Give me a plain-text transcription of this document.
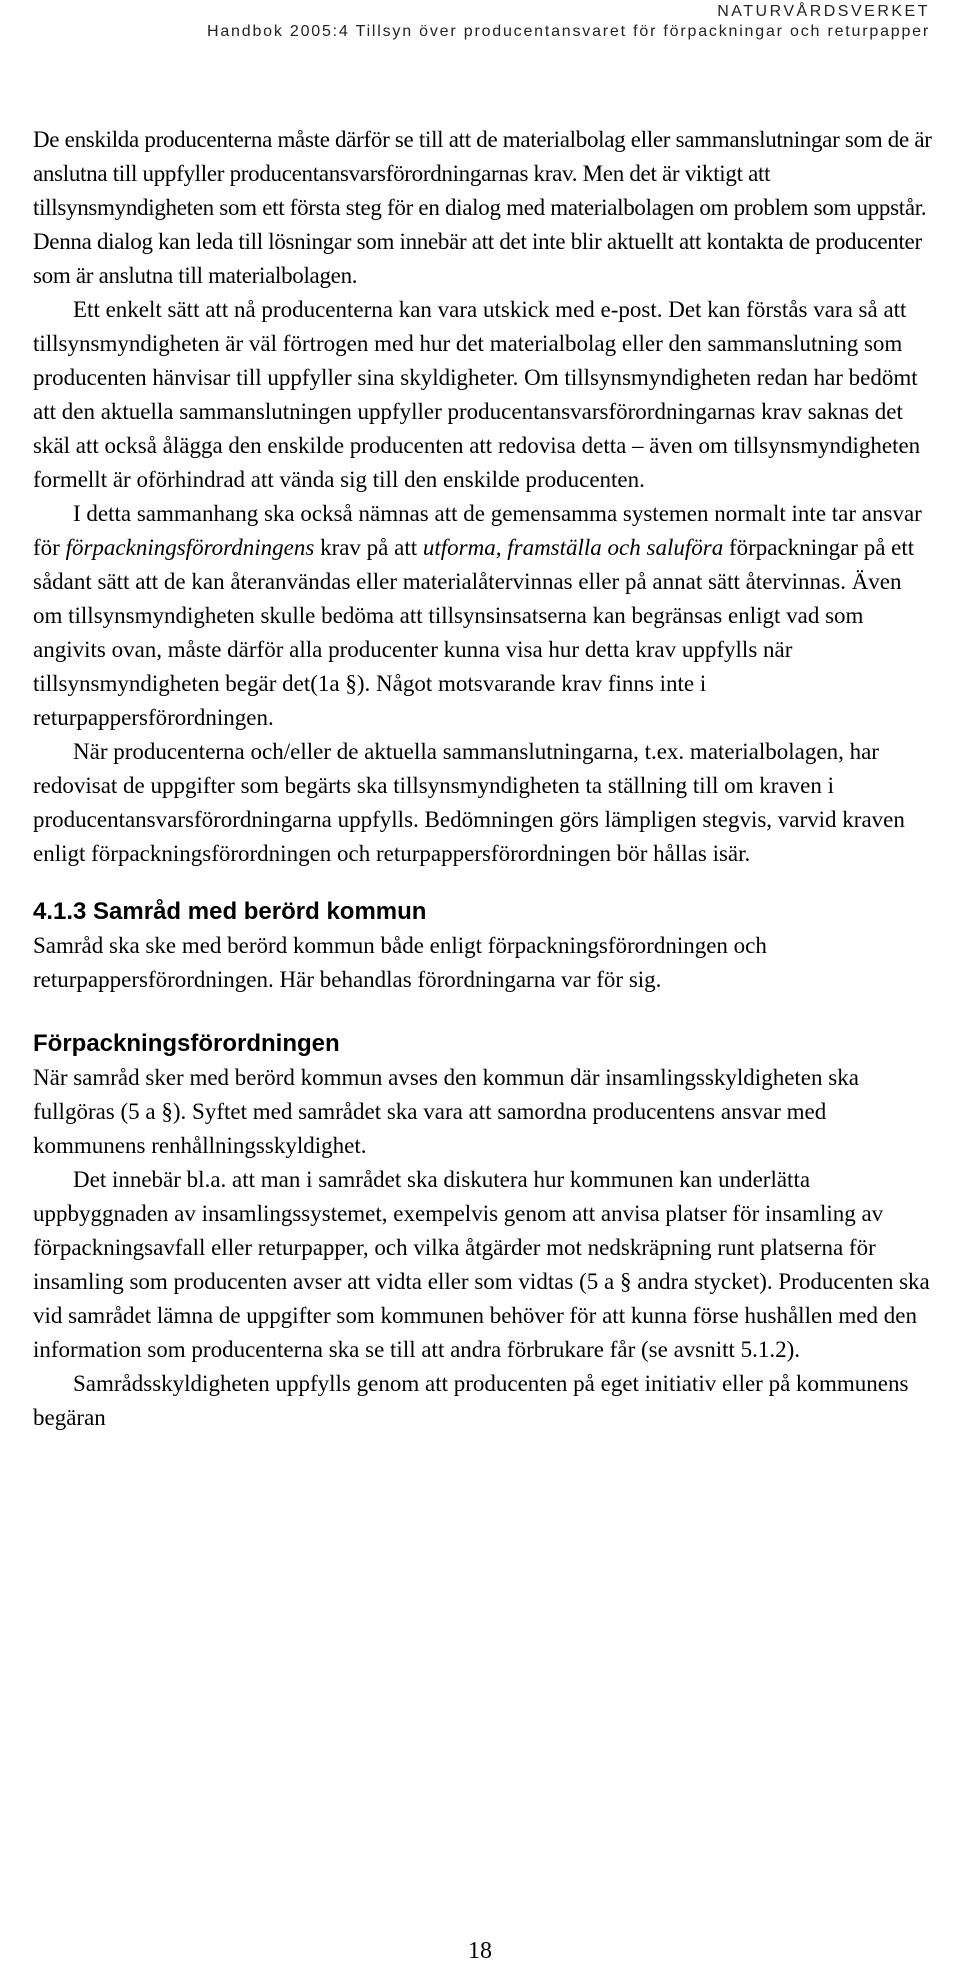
NATURVÅRDSVERKET
Handbok 2005:4 Tillsyn över producentansvaret för förpackningar och returpapper

De enskilda producenterna måste därför se till att de materialbolag eller sammanslutningar som de är anslutna till uppfyller producentansvarsförordningarnas krav. Men det är viktigt att tillsynsmyndigheten som ett första steg för en dialog med materialbolagen om problem som uppstår. Denna dialog kan leda till lösningar som innebär att det inte blir aktuellt att kontakta de producenter som är anslutna till materialbolagen.

Ett enkelt sätt att nå producenterna kan vara utskick med e-post. Det kan förstås vara så att tillsynsmyndigheten är väl förtrogen med hur det materialbolag eller den sammanslutning som producenten hänvisar till uppfyller sina skyldigheter. Om tillsynsmyndigheten redan har bedömt att den aktuella sammanslutningen uppfyller producentansvarsförordningarnas krav saknas det skäl att också ålägga den enskilde producenten att redovisa detta – även om tillsynsmyndigheten formellt är oförhindrad att vända sig till den enskilde producenten.

I detta sammanhang ska också nämnas att de gemensamma systemen normalt inte tar ansvar för förpackningsförordningens krav på att utforma, framställa och saluföra förpackningar på ett sådant sätt att de kan återanvändas eller materialåtervinnas eller på annat sätt återvinnas. Även om tillsynsmyndigheten skulle bedöma att tillsynsinsatserna kan begränsas enligt vad som angivits ovan, måste därför alla producenter kunna visa hur detta krav uppfylls när tillsynsmyndigheten begär det(1a §). Något motsvarande krav finns inte i returpappersförordningen.

När producenterna och/eller de aktuella sammanslutningarna, t.ex. materialbolagen, har redovisat de uppgifter som begärts ska tillsynsmyndigheten ta ställning till om kraven i producentansvarsförordningarna uppfylls. Bedömningen görs lämpligen stegvis, varvid kraven enligt förpackningsförordningen och returpappersförordningen bör hållas isär.

4.1.3 Samråd med berörd kommun

Samråd ska ske med berörd kommun både enligt förpackningsförordningen och returpappersförordningen. Här behandlas förordningarna var för sig.

Förpackningsförordningen

När samråd sker med berörd kommun avses den kommun där insamlingsskyldigheten ska fullgöras (5 a §). Syftet med samrådet ska vara att samordna producentens ansvar med kommunens renhållningsskyldighet.

Det innebär bl.a. att man i samrådet ska diskutera hur kommunen kan underlätta uppbyggnaden av insamlingssystemet, exempelvis genom att anvisa platser för insamling av förpackningsavfall eller returpapper, och vilka åtgärder mot nedskräpning runt platserna för insamling som producenten avser att vidta eller som vidtas (5 a § andra stycket). Producenten ska vid samrådet lämna de uppgifter som kommunen behöver för att kunna förse hushållen med den information som producenterna ska se till att andra förbrukare får (se avsnitt 5.1.2).

Samrådsskyldigheten uppfylls genom att producenten på eget initiativ eller på kommunens begäran

18
